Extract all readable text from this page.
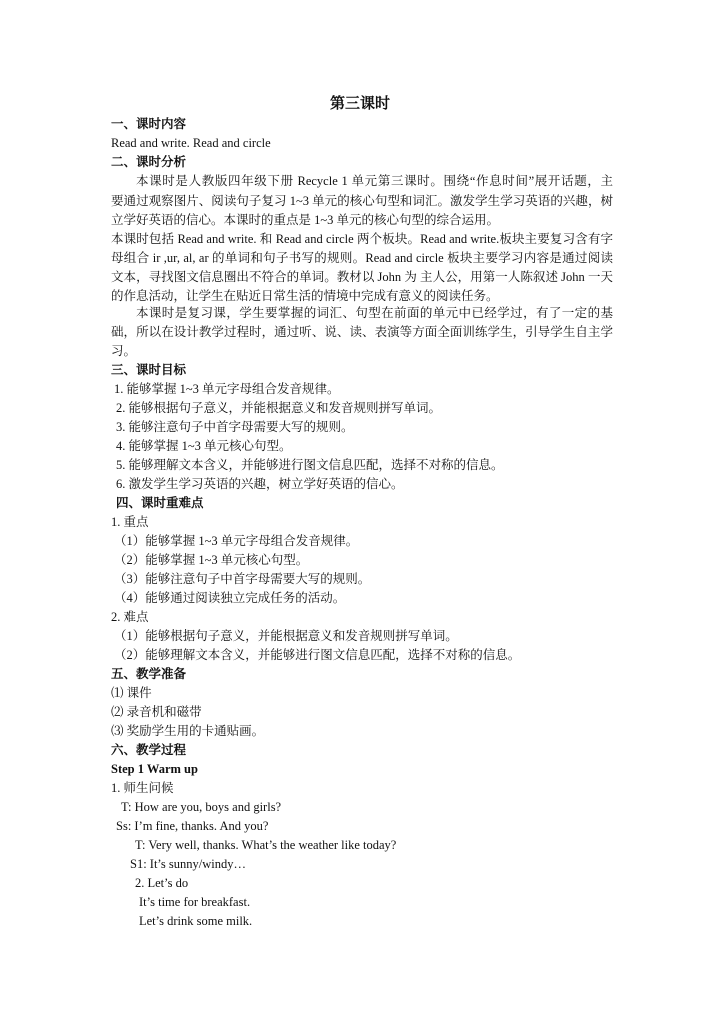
第三课时
一、课时内容
Read and write. Read and circle
二、课时分析
本课时是人教版四年级下册 Recycle 1 单元第三课时。围绕“作息时间”展开话题，主
要通过观察图片、阅读句子复习 1~3 单元的核心句型和词汇。激发学生学习英语的兴趣，树
立学好英语的信心。本课时的重点是 1~3 单元的核心句型的综合运用。
本课时包括 Read and write. 和 Read and circle 两个板块。Read and write.板块主要复习含有字
母组合 ir ,ur, al, ar 的单词和句子书写的规则。Read and circle 板块主要学习内容是通过阅读
文本，寻找图文信息圈出不符合的单词。教材以 John 为 主人公，用第一人陈叙述 John 一天
的作息活动，让学生在贴近日常生活的情境中完成有意义的阅读任务。
本课时是复习课，学生要掌握的词汇、句型在前面的单元中已经学过，有了一定的基
础，所以在设计教学过程时，通过听、说、读、表演等方面全面训练学生，引导学生自主学
习。
三、课时目标
1. 能够掌握 1~3 单元字母组合发音规律。
2. 能够根据句子意义，并能根据意义和发音规则拼写单词。
3. 能够注意句子中首字母需要大写的规则。
4. 能够掌握 1~3 单元核心句型。
5. 能够理解文本含义，并能够进行图文信息匹配，选择不对称的信息。
6. 激发学生学习英语的兴趣，树立学好英语的信心。
四、课时重难点
1. 重点
（1）能够掌握 1~3 单元字母组合发音规律。
（2）能够掌握 1~3 单元核心句型。
（3）能够注意句子中首字母需要大写的规则。
（4）能够通过阅读独立完成任务的活动。
2. 难点
（1）能够根据句子意义，并能根据意义和发音规则拼写单词。
（2）能够理解文本含义，并能够进行图文信息匹配，选择不对称的信息。
五、教学准备
⑴ 课件
⑵ 录音机和磁带
⑶ 奖励学生用的卡通贴画。
六、教学过程
Step 1 Warm up
1. 师生问候
T: How are you, boys and girls?
Ss: I’m fine, thanks. And you?
T: Very well, thanks. What’s the weather like today?
S1: It’s sunny/windy…
2. Let’s do
It’s time for breakfast.
Let’s drink some milk.
